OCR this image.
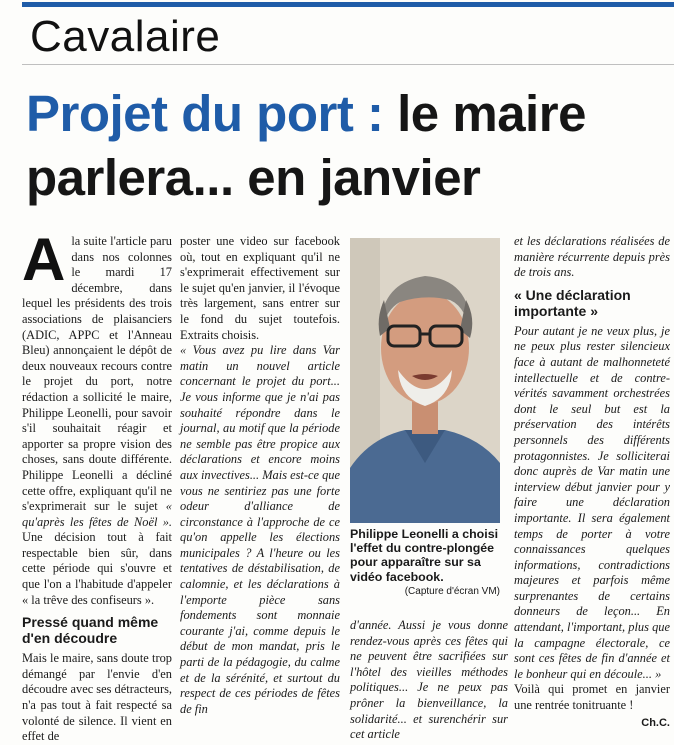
Cavalaire
Projet du port : le maire parlera... en janvier

Ala suite l'article paru dans nos colonnes le mardi 17 décembre, dans lequel les présidents des trois associations de plaisanciers (ADIC, APPC et l'Anneau Bleu) annonçaient le dépôt de deux nouveaux recours contre le projet du port, notre rédaction a sollicité le maire, Philippe Leonelli, pour savoir s'il souhaitait réagir et apporter sa propre vision des choses, sans doute différente. Philippe Leonelli a décliné cette offre, expliquant qu'il ne s'exprimerait sur le sujet « qu'après les fêtes de Noël ». Une décision tout à fait respectable bien sûr, dans cette période qui s'ouvre et que l'on a l'habitude d'appeler « la trêve des confiseurs ».

Pressé quand même d'en découdre

Mais le maire, sans doute trop démangé par l'envie d'en découdre avec ses détracteurs, n'a pas tout à fait respecté sa volonté de silence. Il vient en effet de

poster une video sur facebook où, tout en expliquant qu'il ne s'exprimerait effectivement sur le sujet qu'en janvier, il l'évoque très largement, sans entrer sur le fond du sujet toutefois. Extraits choisis.

« Vous avez pu lire dans Var matin un nouvel article concernant le projet du port... Je vous informe que je n'ai pas souhaité répondre dans le journal, au motif que la période ne semble pas être propice aux déclarations et encore moins aux invectives... Mais est-ce que vous ne sentiriez pas une forte odeur d'alliance de circonstance à l'approche de ce qu'on appelle les élections municipales ? A l'heure ou les tentatives de déstabilisation, de calomnie, et les déclarations à l'emporte pièce sans fondements sont monnaie courante j'ai, comme depuis le début de mon mandat, pris le parti de la pédagogie, du calme et de la sérénité, et surtout du respect de ces périodes de fêtes de fin

Philippe Leonelli a choisi l'effet du contre-plongée pour apparaître sur sa vidéo facebook.
(Capture d'écran VM)

d'année. Aussi je vous donne rendez-vous après ces fêtes qui ne peuvent être sacrifiées sur l'hôtel des vieilles méthodes politiques... Je ne peux pas prôner la bienveillance, la solidarité... et surenchérir sur cet article

et les déclarations réalisées de manière récurrente depuis près de trois ans.

« Une déclaration importante »

Pour autant je ne veux plus, je ne peux plus rester silencieux face à autant de malhonneteté intellectuelle et de contre-vérités savamment orchestrées dont le seul but est la préservation des intérêts personnels des différents protagonnistes. Je solliciterai donc auprès de Var matin une interview début janvier pour y faire une déclaration importante. Il sera également temps de porter à votre connaissances quelques informations, contradictions majeures et parfois même surprenantes de certains donneurs de leçon... En attendant, l'important, plus que la campagne électorale, ce sont ces fêtes de fin d'année et le bonheur qui en découle... »

Voilà qui promet en janvier une rentrée tonitruante !

Ch.C.
